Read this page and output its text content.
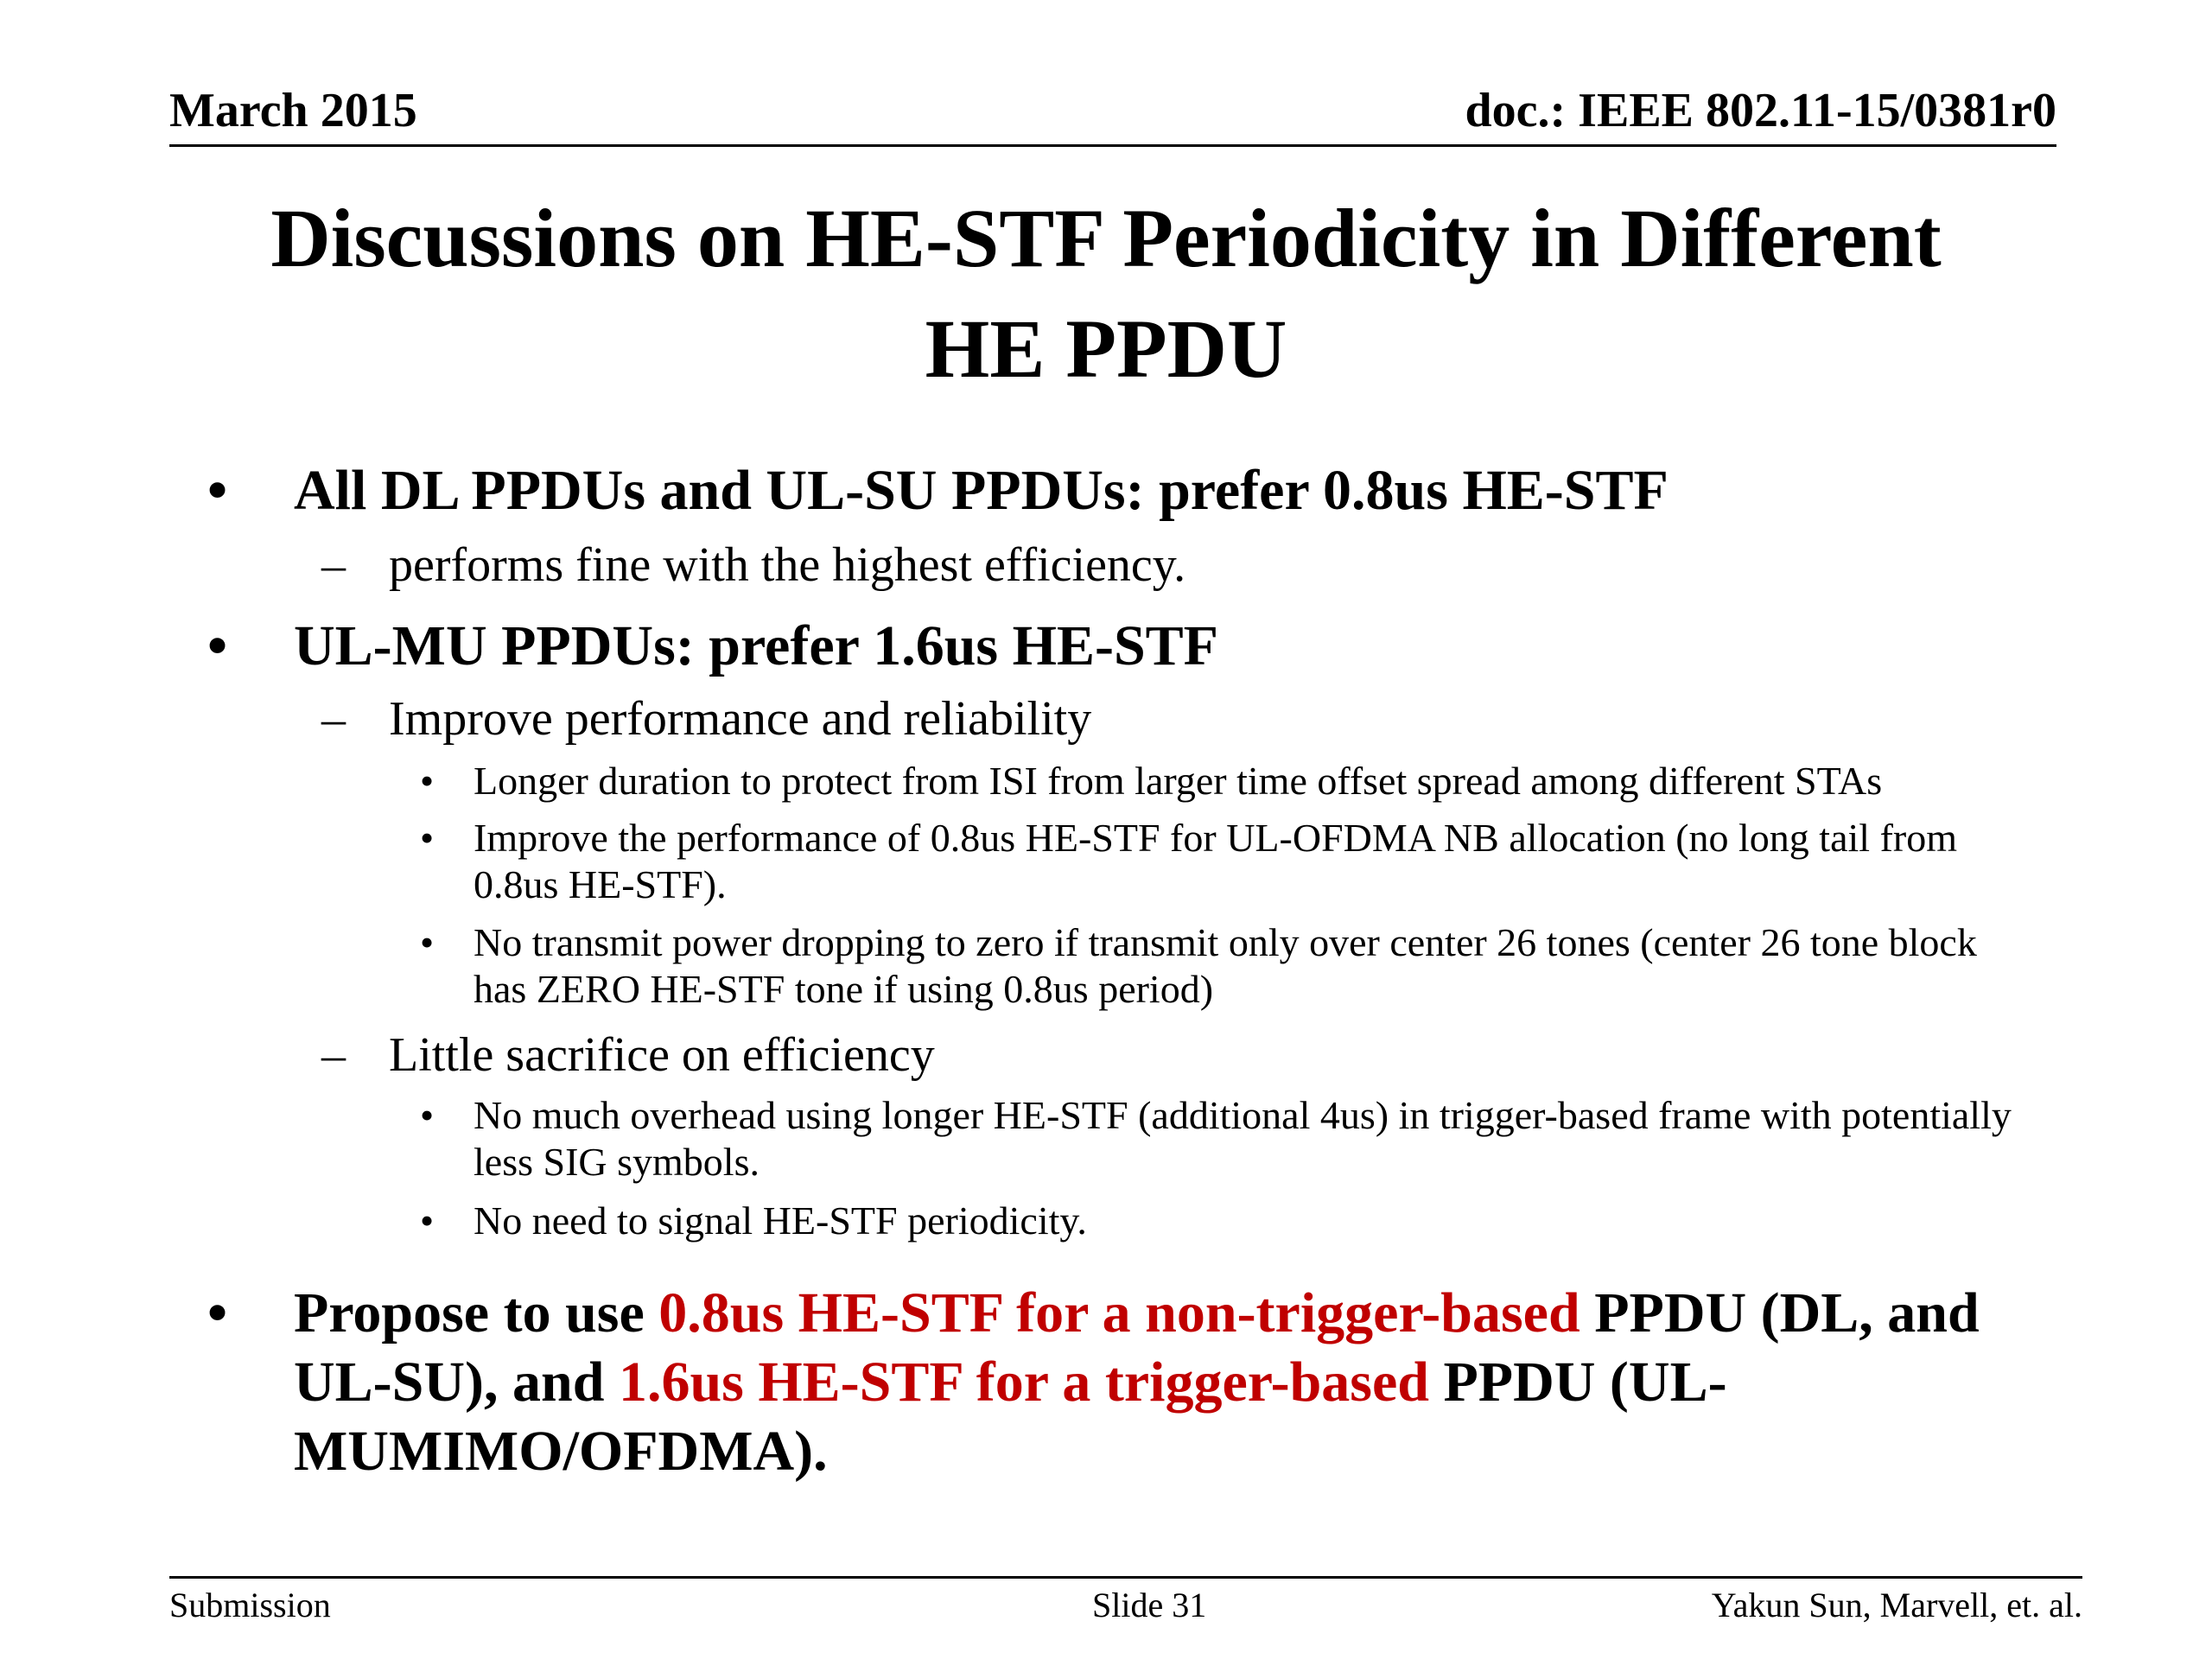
March 2015	doc.: IEEE 802.11-15/0381r0
Discussions on HE-STF Periodicity in Different
HE PPDU
• All DL PPDUs and UL-SU PPDUs: prefer 0.8us HE-STF
– performs fine with the highest efficiency.
• UL-MU PPDUs: prefer 1.6us HE-STF
– Improve performance and reliability
• Longer duration to protect from ISI from larger time offset spread among different STAs
• Improve the performance of 0.8us HE-STF for UL-OFDMA NB allocation (no long tail from 0.8us HE-STF).
• No transmit power dropping to zero if transmit only over center 26 tones (center 26 tone block has ZERO HE-STF tone if using 0.8us period)
– Little sacrifice on efficiency
• No much overhead using longer HE-STF (additional 4us) in trigger-based frame with potentially less SIG symbols.
• No need to signal HE-STF periodicity.
• Propose to use 0.8us HE-STF for a non-trigger-based PPDU (DL, and UL-SU), and 1.6us HE-STF for a trigger-based PPDU (UL-MUMIMO/OFDMA).
Submission	Slide 31	Yakun Sun, Marvell, et. al.
